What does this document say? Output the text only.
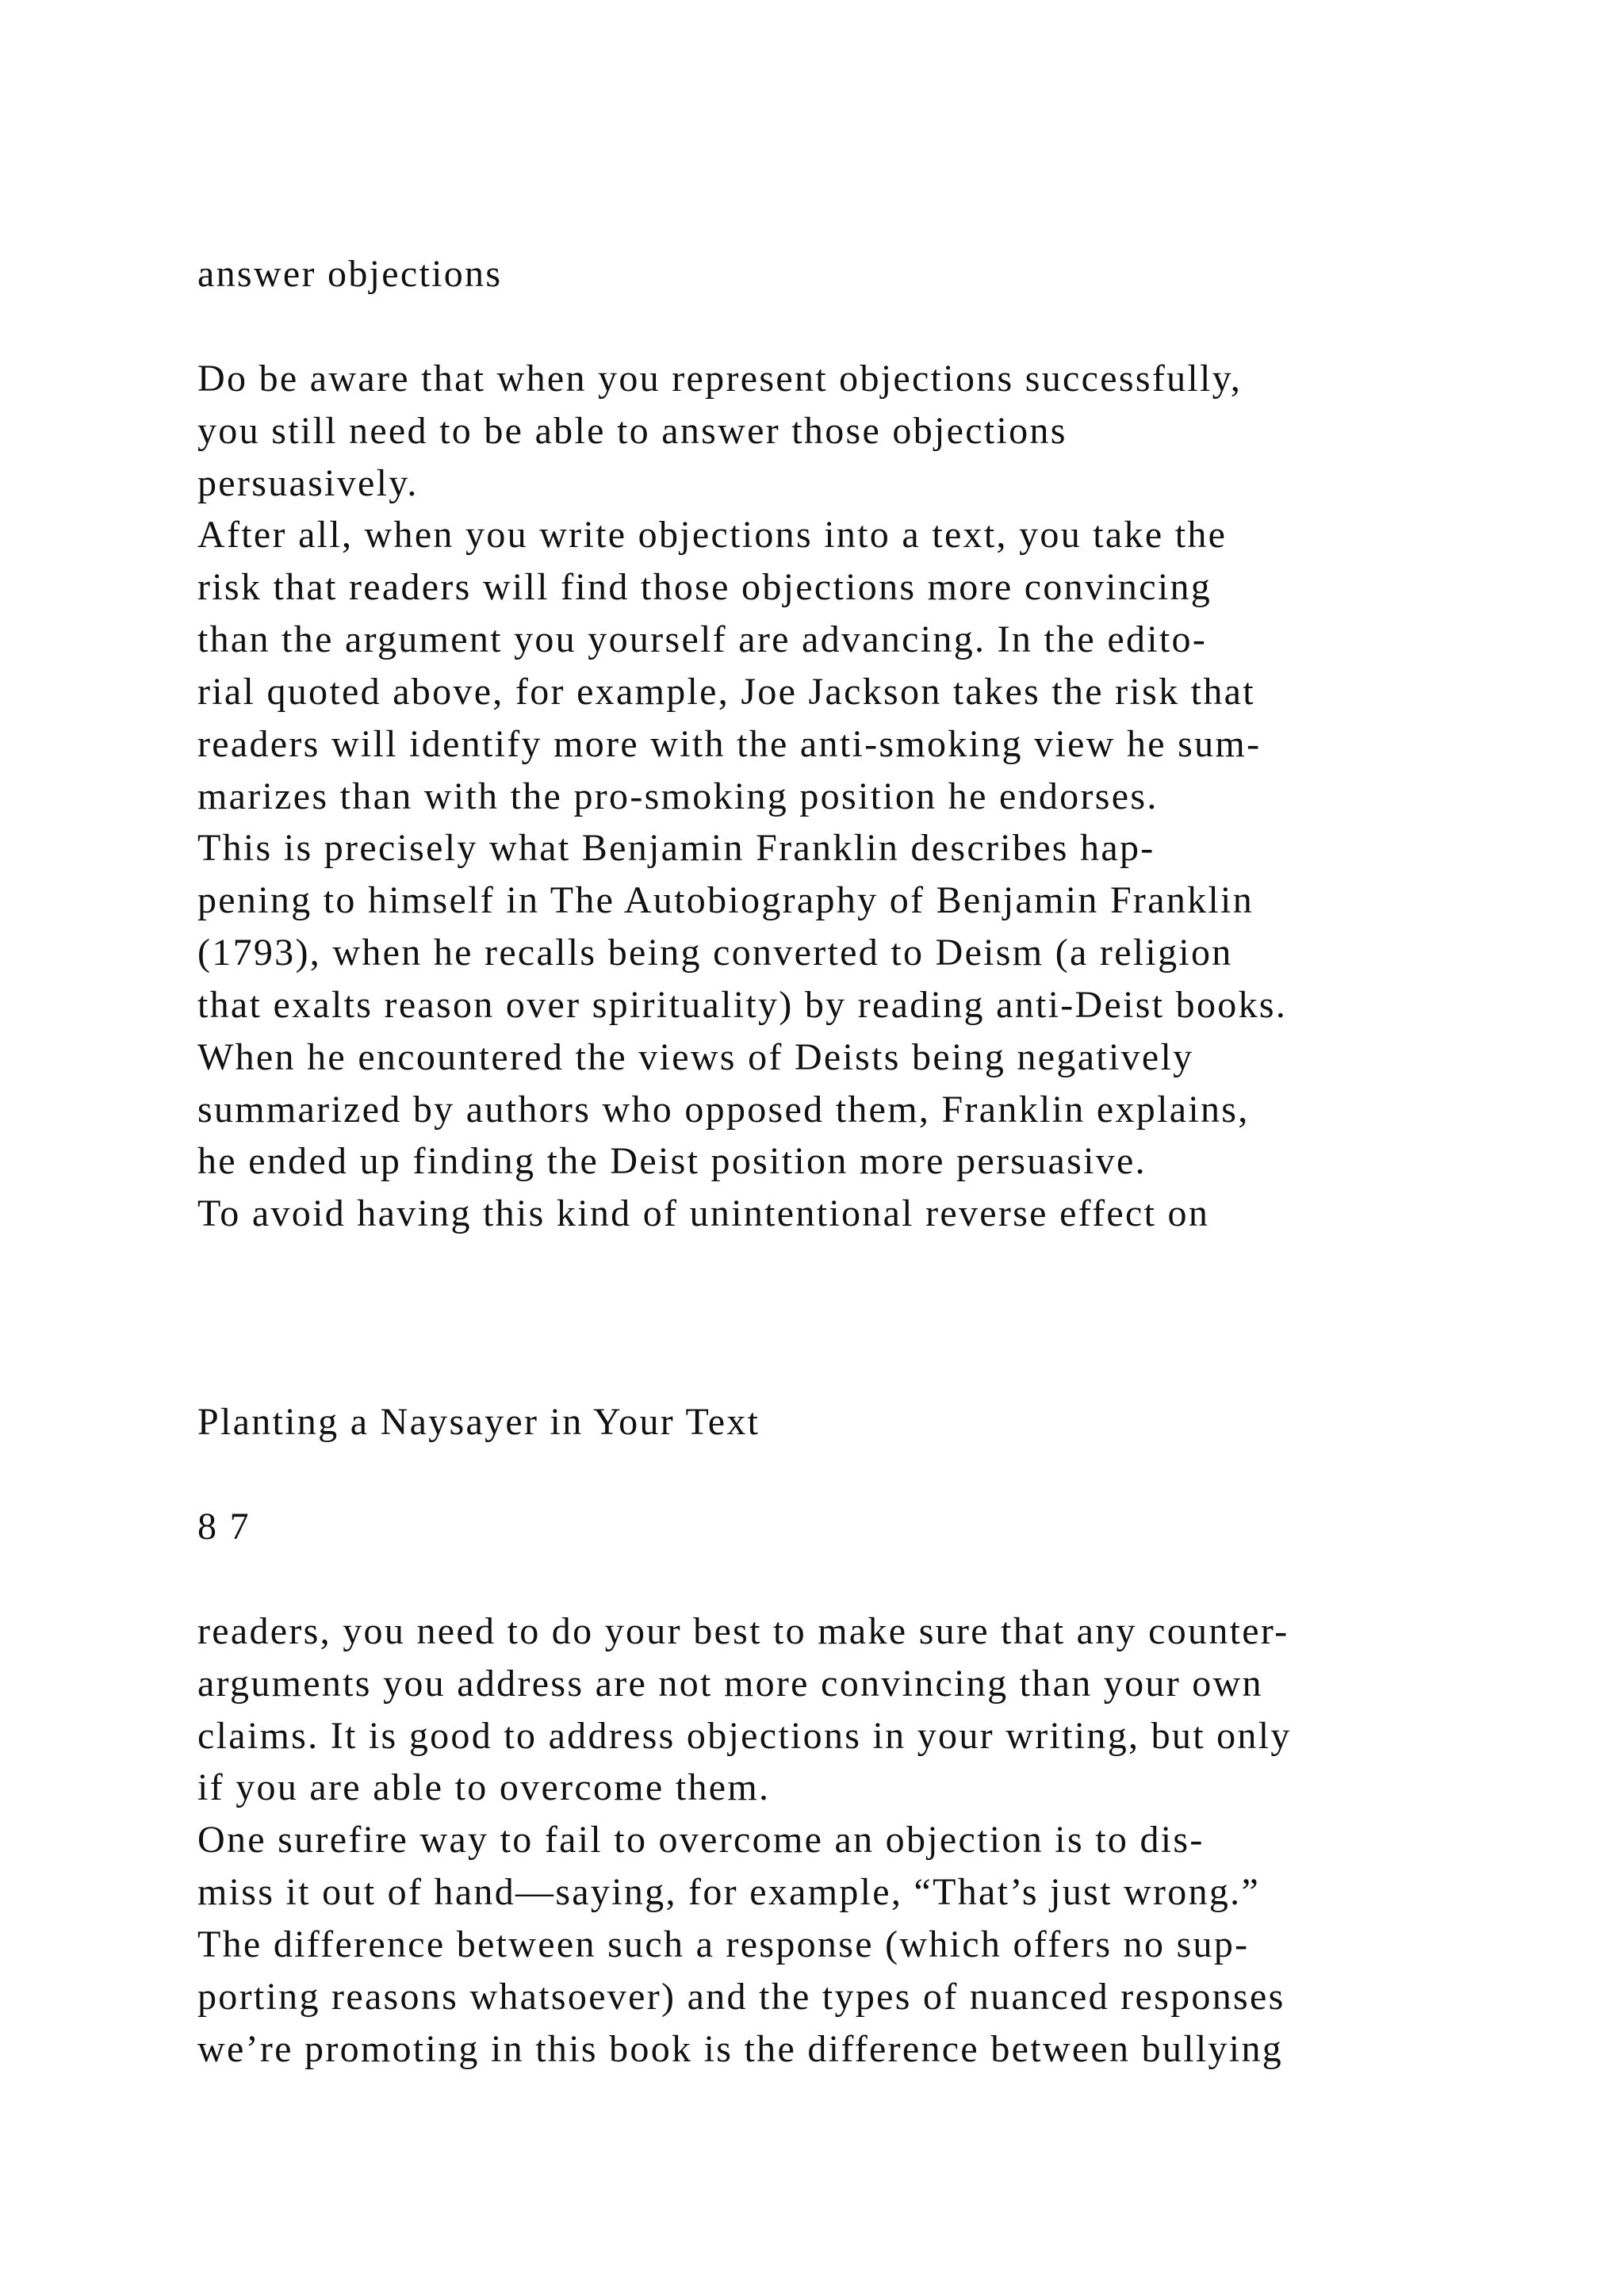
answer objections
Do be aware that when you represent objections successfully,
you still need to be able to answer those objections
persuasively.
After all, when you write objections into a text, you take the
risk that readers will find those objections more convincing
than the argument you yourself are advancing. In the edito-
rial quoted above, for example, Joe Jackson takes the risk that
readers will identify more with the anti-smoking view he sum-
marizes than with the pro-smoking position he endorses.
This is precisely what Benjamin Franklin describes hap-
pening to himself in The Autobiography of Benjamin Franklin
(1793), when he recalls being converted to Deism (a religion
that exalts reason over spirituality) by reading anti-Deist books.
When he encountered the views of Deists being negatively
summarized by authors who opposed them, Franklin explains,
he ended up finding the Deist position more persuasive.
To avoid having this kind of unintentional reverse effect on
Planting a Naysayer in Your Text
8 7
readers, you need to do your best to make sure that any counter-
arguments you address are not more convincing than your own
claims. It is good to address objections in your writing, but only
if you are able to overcome them.
One surefire way to fail to overcome an objection is to dis-
miss it out of hand—saying, for example, “That’s just wrong.”
The difference between such a response (which offers no sup-
porting reasons whatsoever) and the types of nuanced responses
we’re promoting in this book is the difference between bullying
